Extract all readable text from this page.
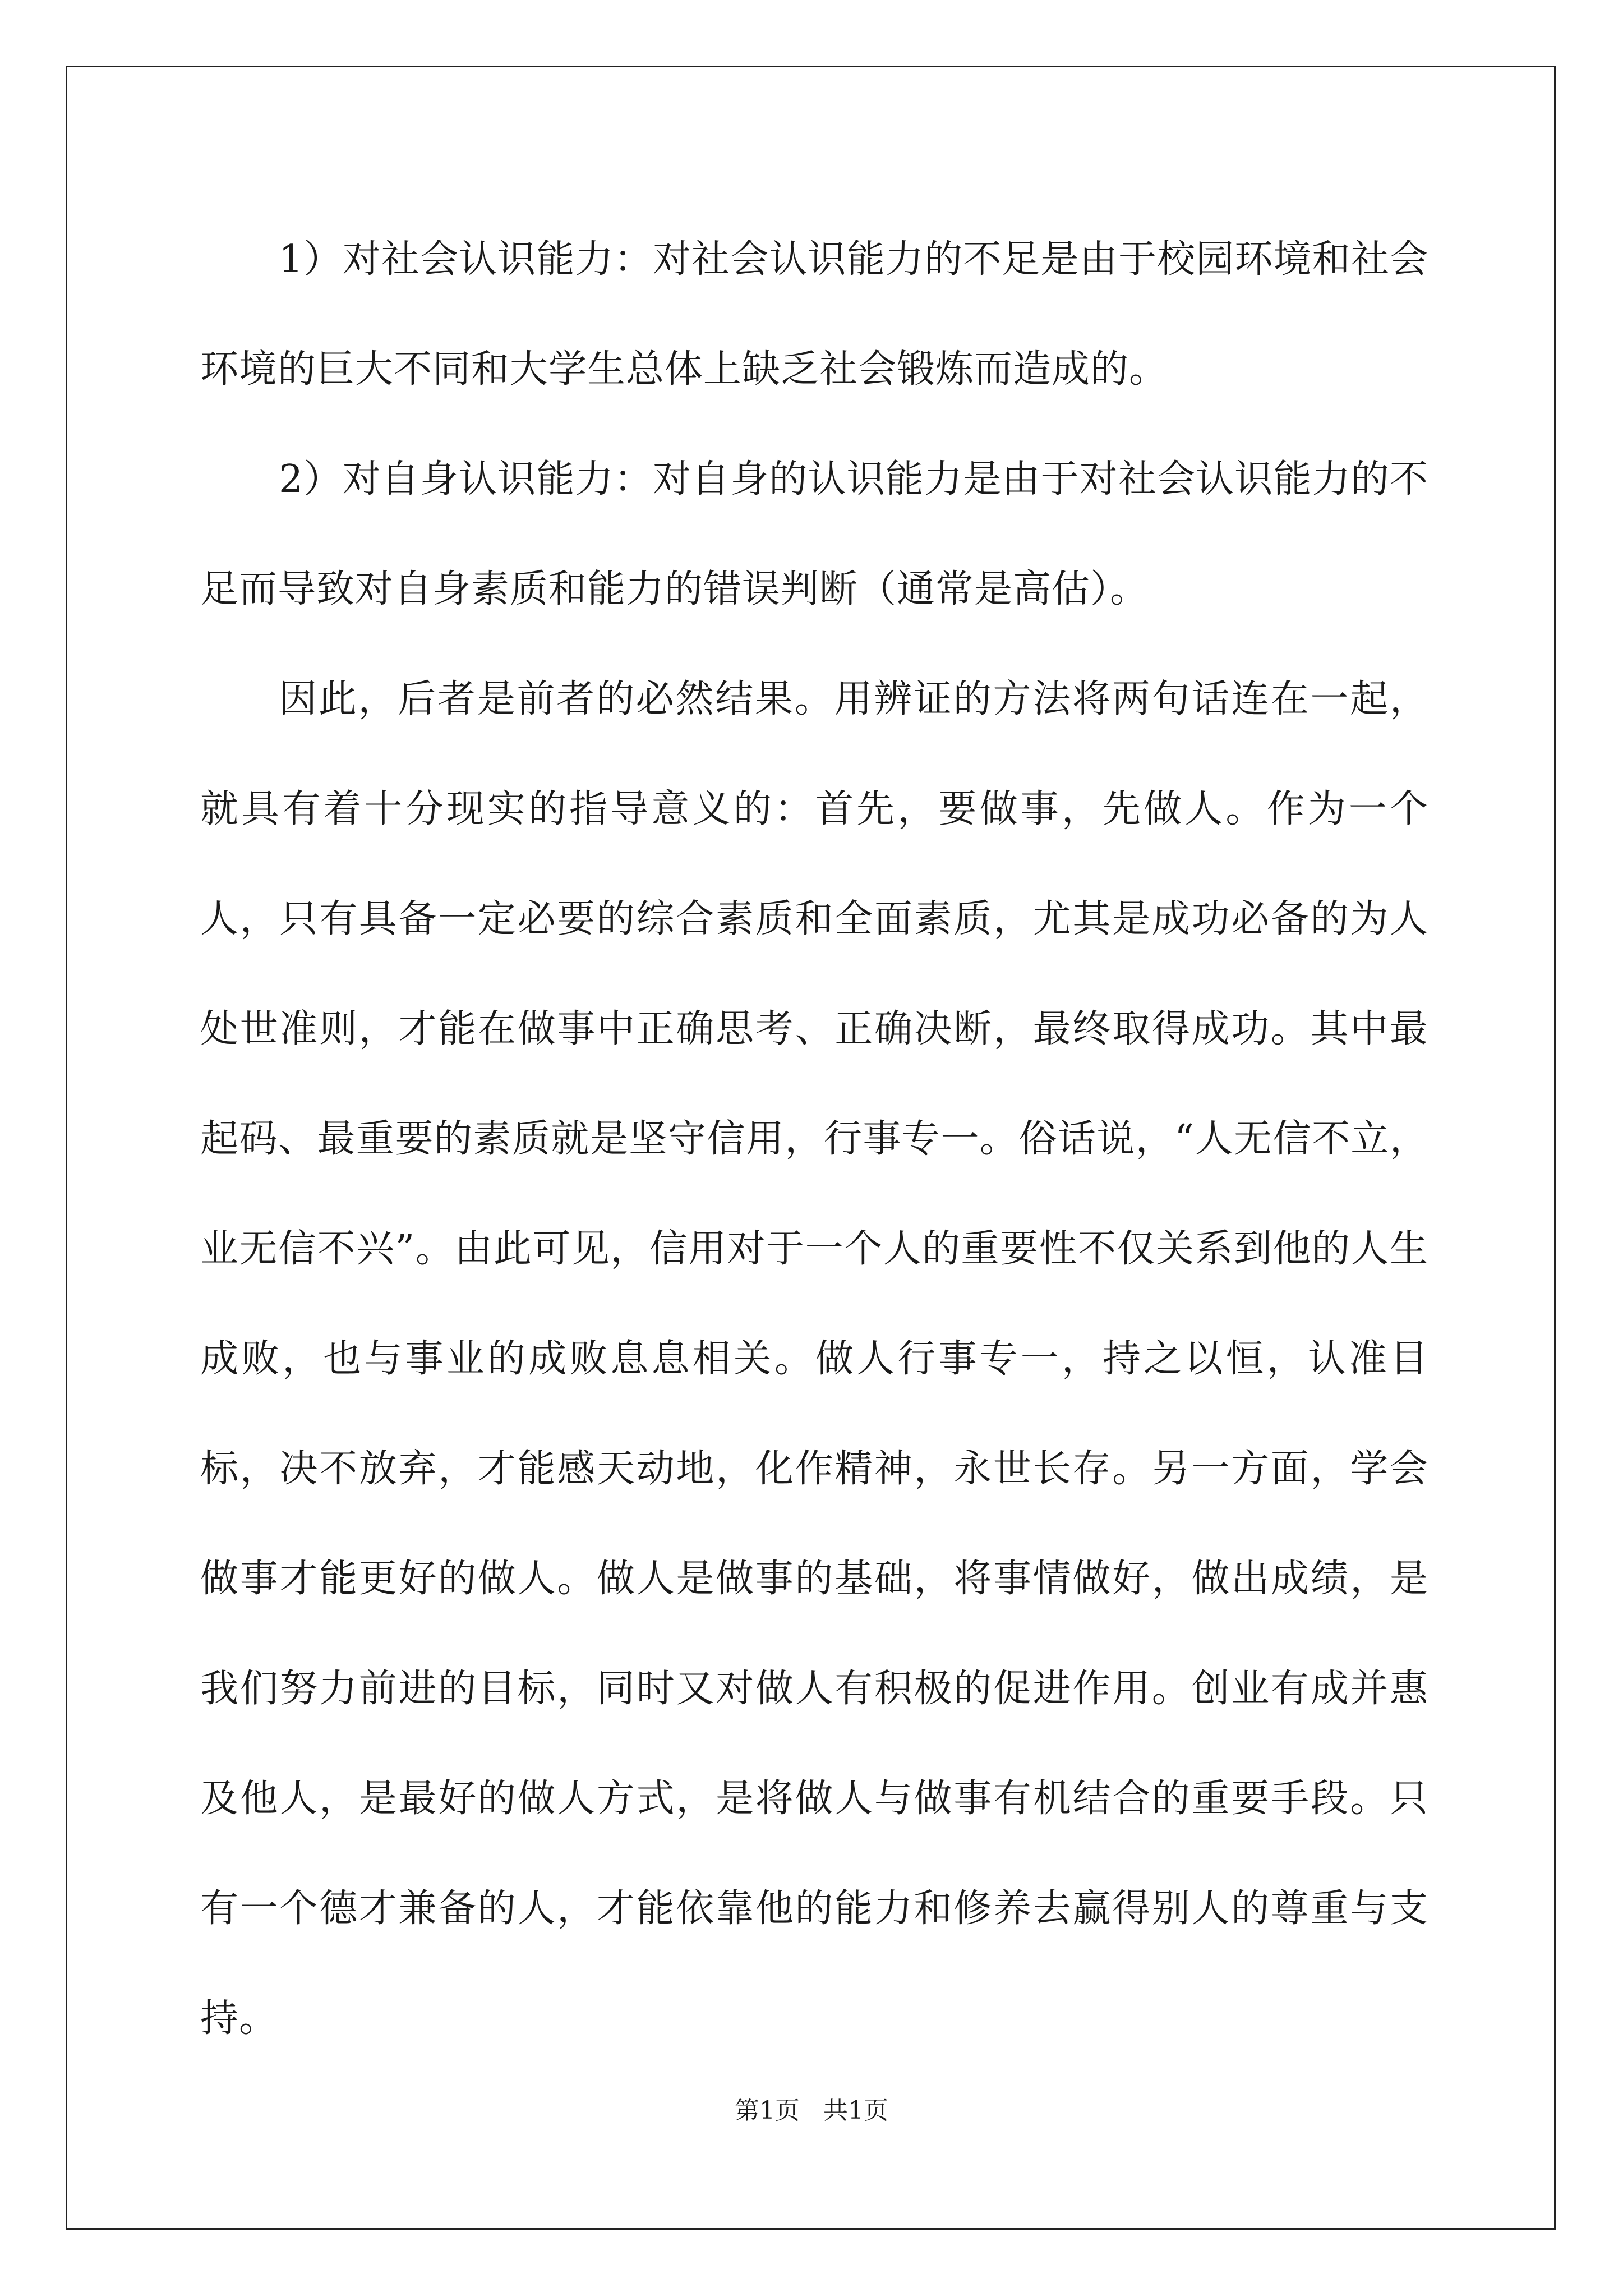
1）对社会认识能力：对社会认识能力的不足是由于校园环境和社会环境的巨大不同和大学生总体上缺乏社会锻炼而造成的。

2）对自身认识能力：对自身的认识能力是由于对社会认识能力的不足而导致对自身素质和能力的错误判断（通常是高估）。

因此，后者是前者的必然结果。用辨证的方法将两句话连在一起，就具有着十分现实的指导意义的：首先，要做事，先做人。作为一个人，只有具备一定必要的综合素质和全面素质，尤其是成功必备的为人处世准则，才能在做事中正确思考、正确决断，最终取得成功。其中最起码、最重要的素质就是坚守信用，行事专一。俗话说，“人无信不立，业无信不兴”。由此可见，信用对于一个人的重要性不仅关系到他的人生成败，也与事业的成败息息相关。做人行事专一，持之以恒，认准目标，决不放弃，才能感天动地，化作精神，永世长存。另一方面，学会做事才能更好的做人。做人是做事的基础，将事情做好，做出成绩，是我们努力前进的目标，同时又对做人有积极的促进作用。创业有成并惠及他人，是最好的做人方式，是将做人与做事有机结合的重要手段。只有一个德才兼备的人，才能依靠他的能力和修养去赢得别人的尊重与支持。

第1页 共1页
